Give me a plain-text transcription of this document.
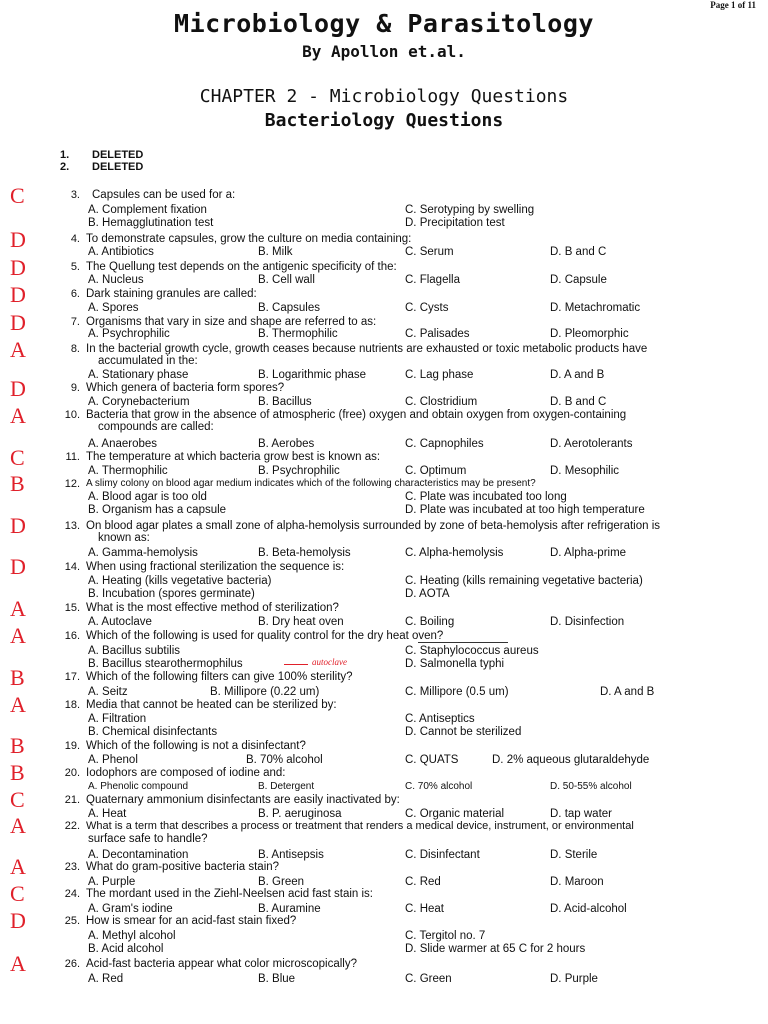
Page 1 of 11
Microbiology & Parasitology
By Apollon et.al.
CHAPTER 2 - Microbiology Questions
Bacteriology Questions
1. DELETED
2. DELETED
C	3. Capsules can be used for a:
A. Complement fixation	C. Serotyping by swelling
B. Hemagglutination test	D. Precipitation test
D	4. To demonstrate capsules, grow the culture on media containing:
A. Antibiotics	B. Milk	C. Serum	D. B and C
D	5. The Quellung test depends on the antigenic specificity of the:
A. Nucleus	B. Cell wall	C. Flagella	D. Capsule
D	6. Dark staining granules are called:
A. Spores	B. Capsules	C. Cysts	D. Metachromatic
D	7. Organisms that vary in size and shape are referred to as:
A. Psychrophilic	B. Thermophilic	C. Palisades	D. Pleomorphic
A	8. In the bacterial growth cycle, growth ceases because nutrients are exhausted or toxic metabolic products have
accumulated in the:
A. Stationary phase	B. Logarithmic phase	C. Lag phase	D. A and B
D	9. Which genera of bacteria form spores?
A. Corynebacterium	B. Bacillus	C. Clostridium	D. B and C
A	10. Bacteria that grow in the absence of atmospheric (free) oxygen and obtain oxygen from oxygen-containing
compounds are called:
A. Anaerobes	B. Aerobes	C. Capnophiles	D. Aerotolerants
C	11. The temperature at which bacteria grow best is known as:
A. Thermophilic	B. Psychrophilic	C. Optimum	D. Mesophilic
B	12. A slimy colony on blood agar medium indicates which of the following characteristics may be present?
A. Blood agar is too old	C. Plate was incubated too long
B. Organism has a capsule	D. Plate was incubated at too high temperature
D	13. On blood agar plates a small zone of alpha-hemolysis surrounded by zone of beta-hemolysis after refrigeration is
known as:
A. Gamma-hemolysis	B. Beta-hemolysis	C. Alpha-hemolysis	D. Alpha-prime
D	14. When using fractional sterilization the sequence is:
A. Heating (kills vegetative bacteria)	C. Heating (kills remaining vegetative bacteria)
B. Incubation (spores germinate)	D. AOTA
A	15. What is the most effective method of sterilization?
A. Autoclave	B. Dry heat oven	C. Boiling	D. Disinfection
A	16. Which of the following is used for quality control for the dry heat oven?
A. Bacillus subtilis	C. Staphylococcus aureus
B. Bacillus stearothermophilus	autoclave	D. Salmonella typhi
B	17. Which of the following filters can give 100% sterility?
A. Seitz	B. Millipore (0.22 um)	C. Millipore (0.5 um)	D. A and B
A	18. Media that cannot be heated can be sterilized by:
A. Filtration	C. Antiseptics
B. Chemical disinfectants	D. Cannot be sterilized
B	19. Which of the following is not a disinfectant?
A. Phenol	B. 70% alcohol	C. QUATS	D. 2% aqueous glutaraldehyde
B	20. Iodophors are composed of iodine and:
A. Phenolic compound	B. Detergent	C. 70% alcohol	D. 50-55% alcohol
C	21. Quaternary ammonium disinfectants are easily inactivated by:
A. Heat	B. P. aeruginosa	C. Organic material	D. tap water
A	22. What is a term that describes a process or treatment that renders a medical device, instrument, or environmental
surface safe to handle?
A. Decontamination	B. Antisepsis	C. Disinfectant	D. Sterile
A	23. What do gram-positive bacteria stain?
A. Purple	B. Green	C. Red	D. Maroon
C	24. The mordant used in the Ziehl-Neelsen acid fast stain is:
A. Gram's iodine	B. Auramine	C. Heat	D. Acid-alcohol
D	25. How is smear for an acid-fast stain fixed?
A. Methyl alcohol	C. Tergitol no. 7
B. Acid alcohol	D. Slide warmer at 65 C for 2 hours
A	26. Acid-fast bacteria appear what color microscopically?
A. Red	B. Blue	C. Green	D. Purple
